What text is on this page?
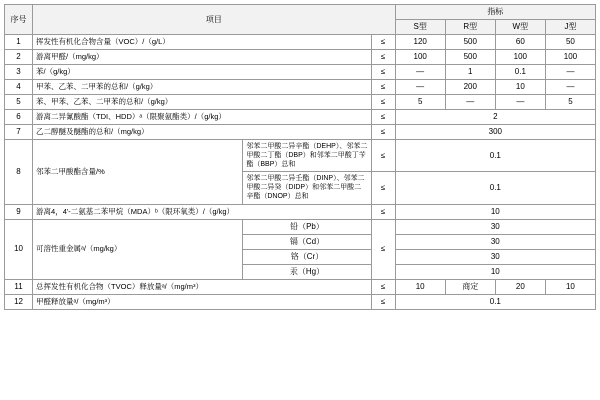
序号	项目			指标			
				S型	R型	W型	J型
1	挥发性有机化合物含量（VOC）/（g/L）		≤	120	500	60	50
2	游离甲醛/（mg/kg）		≤	100	500	100	100
3	苯/（g/kg）		≤	—	1	0.1	—
4	甲苯、乙苯、二甲苯的总和/（g/kg）		≤	—	200	10	—
5	苯、甲苯、乙苯、二甲苯的总和/（g/kg）		≤	5	—	—	5
6	游离二异氰酸酯（TDI、HDD）ᵃ（限聚氨酯类）/（g/kg）		≤	2			
7	乙二醇醚及醚酯的总和/（mg/kg）		≤	300			
8	邻苯二甲酸酯含量/%	邻苯二甲酸二异辛酯（DEHP）、邻苯二甲酸二丁酯（DBP）和邻苯二甲酸丁苄酯（BBP）总和	≤	0.1			
		邻苯二甲酸二异壬酯（DINP）、邻苯二甲酸二异癸（DIDP）和邻苯二甲酸二辛酯（DNOP）总和	≤	0.1			
9	游离4，4'-二氨基二苯甲烷（MDA）ᵇ（限环氧类）/（g/kg）		≤	10			
10	可溶性重金属ᵃ/（mg/kg）	铅（Pb）	≤	30			
		镉（Cd）		30			
		铬（Cr）		30			
		汞（Hg）		10			
11	总挥发性有机化合物（TVOC）释放量ᵃ/（mg/m³）		≤	10	商定	20	10
12	甲醛释放量ᵃ/（mg/m³）		≤	0.1			
